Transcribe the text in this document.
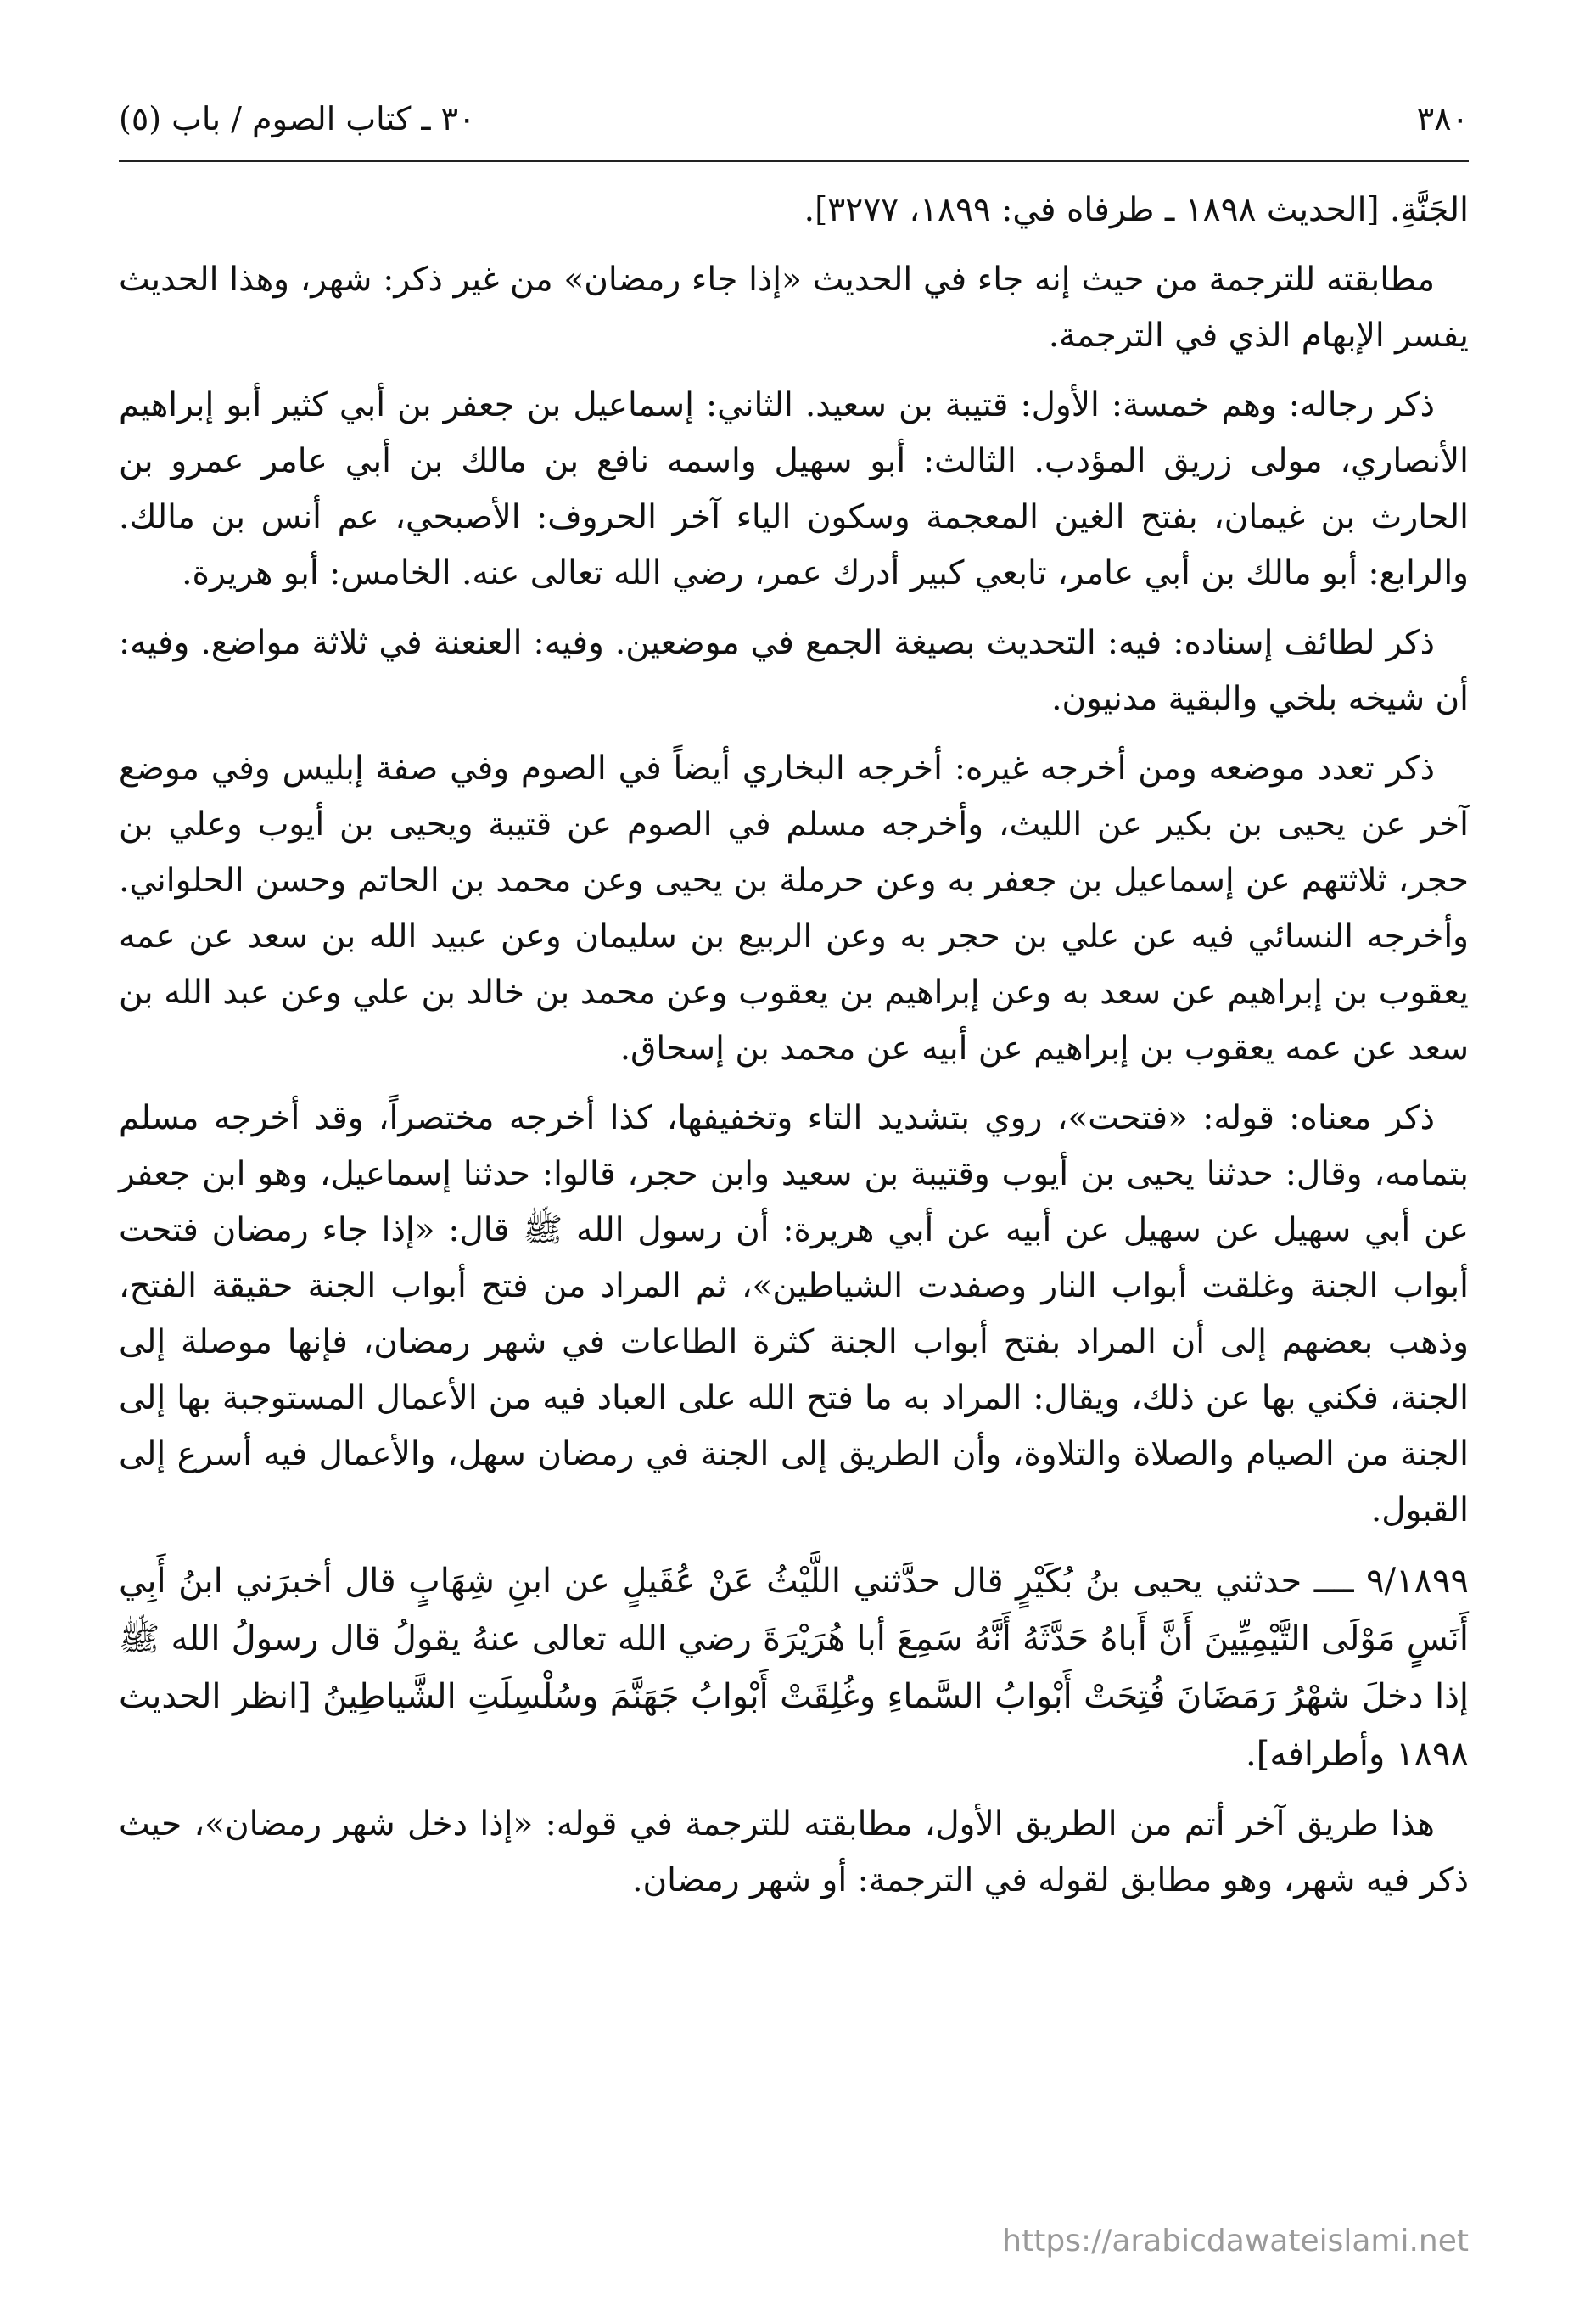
٣٠ ـ كتاب الصوم / باب (٥)	٣٨٠

الجَنَّةِ. [الحديث ١٨٩٨ ـ طرفاه في: ١٨٩٩، ٣٢٧٧].

مطابقته للترجمة من حيث إنه جاء في الحديث «إذا جاء رمضان» من غير ذكر: شهر، وهذا الحديث يفسر الإبهام الذي في الترجمة.

ذكر رجاله: وهم خمسة: الأول: قتيبة بن سعيد. الثاني: إسماعيل بن جعفر بن أبي كثير أبو إبراهيم الأنصاري، مولى زريق المؤدب. الثالث: أبو سهيل واسمه نافع بن مالك بن أبي عامر عمرو بن الحارث بن غيمان، بفتح الغين المعجمة وسكون الياء آخر الحروف: الأصبحي، عم أنس بن مالك. والرابع: أبو مالك بن أبي عامر، تابعي كبير أدرك عمر، رضي الله تعالى عنه. الخامس: أبو هريرة.

ذكر لطائف إسناده: فيه: التحديث بصيغة الجمع في موضعين. وفيه: العنعنة في ثلاثة مواضع. وفيه: أن شيخه بلخي والبقية مدنيون.

ذكر تعدد موضعه ومن أخرجه غيره: أخرجه البخاري أيضاً في الصوم وفي صفة إبليس وفي موضع آخر عن يحيى بن بكير عن الليث، وأخرجه مسلم في الصوم عن قتيبة ويحيى بن أيوب وعلي بن حجر، ثلاثتهم عن إسماعيل بن جعفر به وعن حرملة بن يحيى وعن محمد بن الحاتم وحسن الحلواني. وأخرجه النسائي فيه عن علي بن حجر به وعن الربيع بن سليمان وعن عبيد الله بن سعد عن عمه يعقوب بن إبراهيم عن سعد به وعن إبراهيم بن يعقوب وعن محمد بن خالد بن علي وعن عبد الله بن سعد عن عمه يعقوب بن إبراهيم عن أبيه عن محمد بن إسحاق.

ذكر معناه: قوله: «فتحت»، روي بتشديد التاء وتخفيفها، كذا أخرجه مختصراً، وقد أخرجه مسلم بتمامه، وقال: حدثنا يحيى بن أيوب وقتيبة بن سعيد وابن حجر، قالوا: حدثنا إسماعيل، وهو ابن جعفر عن أبي سهيل عن سهيل عن أبيه عن أبي هريرة: أن رسول الله ﷺ قال: «إذا جاء رمضان فتحت أبواب الجنة وغلقت أبواب النار وصفدت الشياطين»، ثم المراد من فتح أبواب الجنة حقيقة الفتح، وذهب بعضهم إلى أن المراد بفتح أبواب الجنة كثرة الطاعات في شهر رمضان، فإنها موصلة إلى الجنة، فكني بها عن ذلك، ويقال: المراد به ما فتح الله على العباد فيه من الأعمال المستوجبة بها إلى الجنة من الصيام والصلاة والتلاوة، وأن الطريق إلى الجنة في رمضان سهل، والأعمال فيه أسرع إلى القبول.

٩/١٨٩٩ ــــ حدثني يحيى بنُ بُكَيْرٍ قال حدَّثني اللَّيْثُ عَنْ عُقَيلٍ عن ابنِ شِهَابٍ قال أخبرَني ابنُ أَبِي أَنَسٍ مَوْلَى التَّيْمِيِّينَ أَنَّ أَباهُ حَدَّثَهُ أَنَّهُ سَمِعَ أبا هُرَيْرَةَ رضي الله تعالى عنهُ يقولُ قال رسولُ الله ﷺ إذا دخلَ شهْرُ رَمَضَانَ فُتِحَتْ أَبْوابُ السَّماءِ وغُلِقَتْ أَبْوابُ جَهَنَّمَ وسُلْسِلَتِ الشَّياطِينُ [انظر الحديث ١٨٩٨ وأطرافه].

هذا طريق آخر أتم من الطريق الأول، مطابقته للترجمة في قوله: «إذا دخل شهر رمضان»، حيث ذكر فيه شهر، وهو مطابق لقوله في الترجمة: أو شهر رمضان.

https://arabicdawateislami.net
